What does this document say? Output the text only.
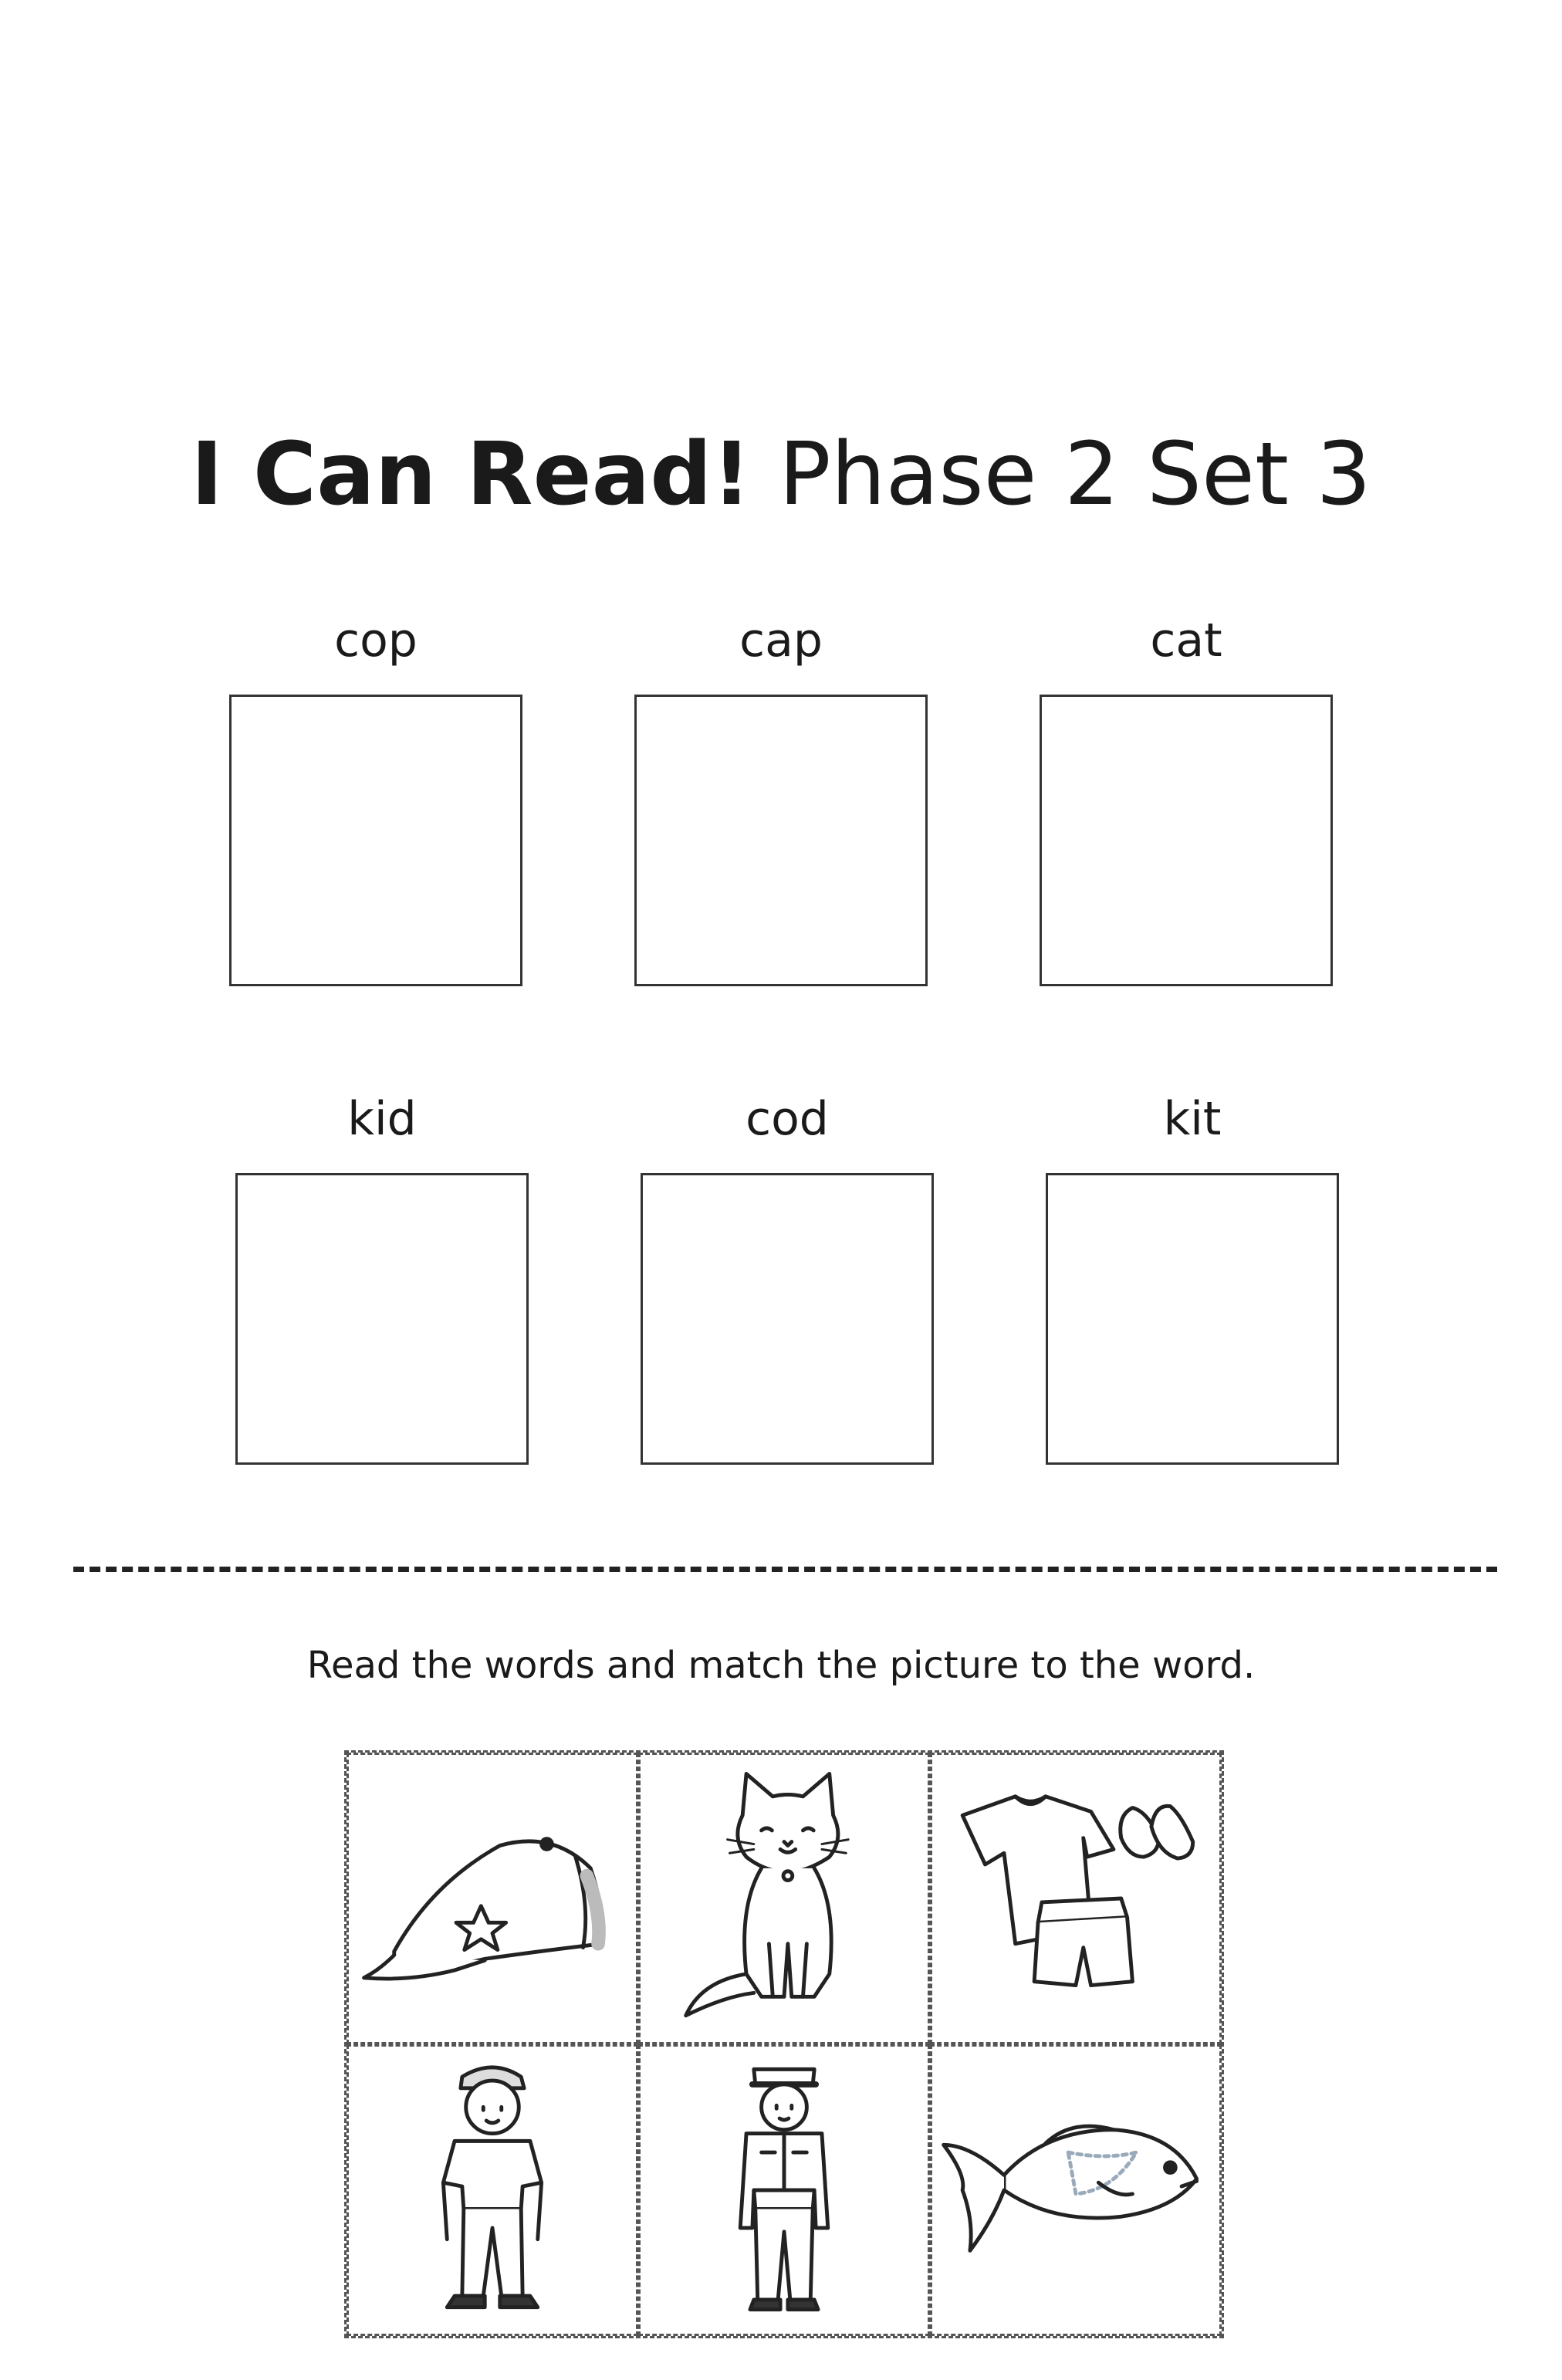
I Can Read! Phase 2 Set 3
cop	cap	cat
kid	cod	kit
Read the words and match the picture to the word.
